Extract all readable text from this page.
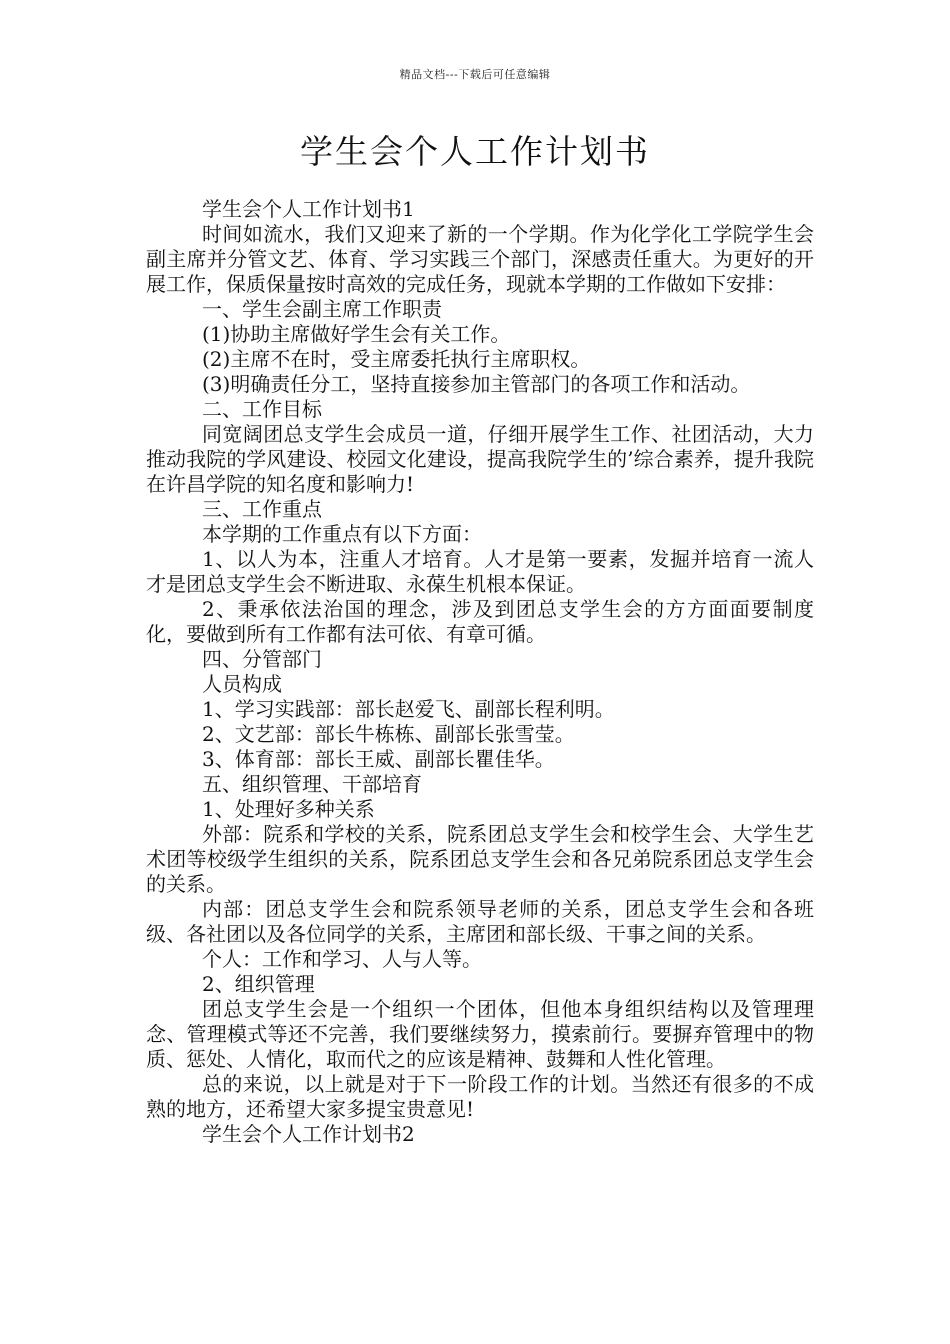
精品文档---下载后可任意编辑
学生会个人工作计划书

学生会个人工作计划书1

时间如流水，我们又迎来了新的一个学期。作为化学化工学院学生会副主席并分管文艺、体育、学习实践三个部门，深感责任重大。为更好的开展工作，保质保量按时高效的完成任务，现就本学期的工作做如下安排：

一、学生会副主席工作职责

(1)协助主席做好学生会有关工作。

(2)主席不在时，受主席委托执行主席职权。

(3)明确责任分工，坚持直接参加主管部门的各项工作和活动。

二、工作目标

同宽阔团总支学生会成员一道，仔细开展学生工作、社团活动，大力推动我院的学风建设、校园文化建设，提高我院学生的’综合素养，提升我院在许昌学院的知名度和影响力!

三、工作重点

本学期的工作重点有以下方面：

1、以人为本，注重人才培育。人才是第一要素，发掘并培育一流人才是团总支学生会不断进取、永葆生机根本保证。

2、秉承依法治国的理念，涉及到团总支学生会的方方面面要制度化，要做到所有工作都有法可依、有章可循。

四、分管部门

人员构成

1、学习实践部：部长赵爱飞、副部长程利明。

2、文艺部：部长牛栋栋、副部长张雪莹。

3、体育部：部长王威、副部长瞿佳华。

五、组织管理、干部培育

1、处理好多种关系

外部：院系和学校的关系，院系团总支学生会和校学生会、大学生艺术团等校级学生组织的关系，院系团总支学生会和各兄弟院系团总支学生会的关系。

内部：团总支学生会和院系领导老师的关系，团总支学生会和各班级、各社团以及各位同学的关系，主席团和部长级、干事之间的关系。

个人：工作和学习、人与人等。

2、组织管理

团总支学生会是一个组织一个团体，但他本身组织结构以及管理理念、管理模式等还不完善，我们要继续努力，摸索前行。要摒弃管理中的物质、惩处、人情化，取而代之的应该是精神、鼓舞和人性化管理。

总的来说，以上就是对于下一阶段工作的计划。当然还有很多的不成熟的地方，还希望大家多提宝贵意见!

学生会个人工作计划书2
